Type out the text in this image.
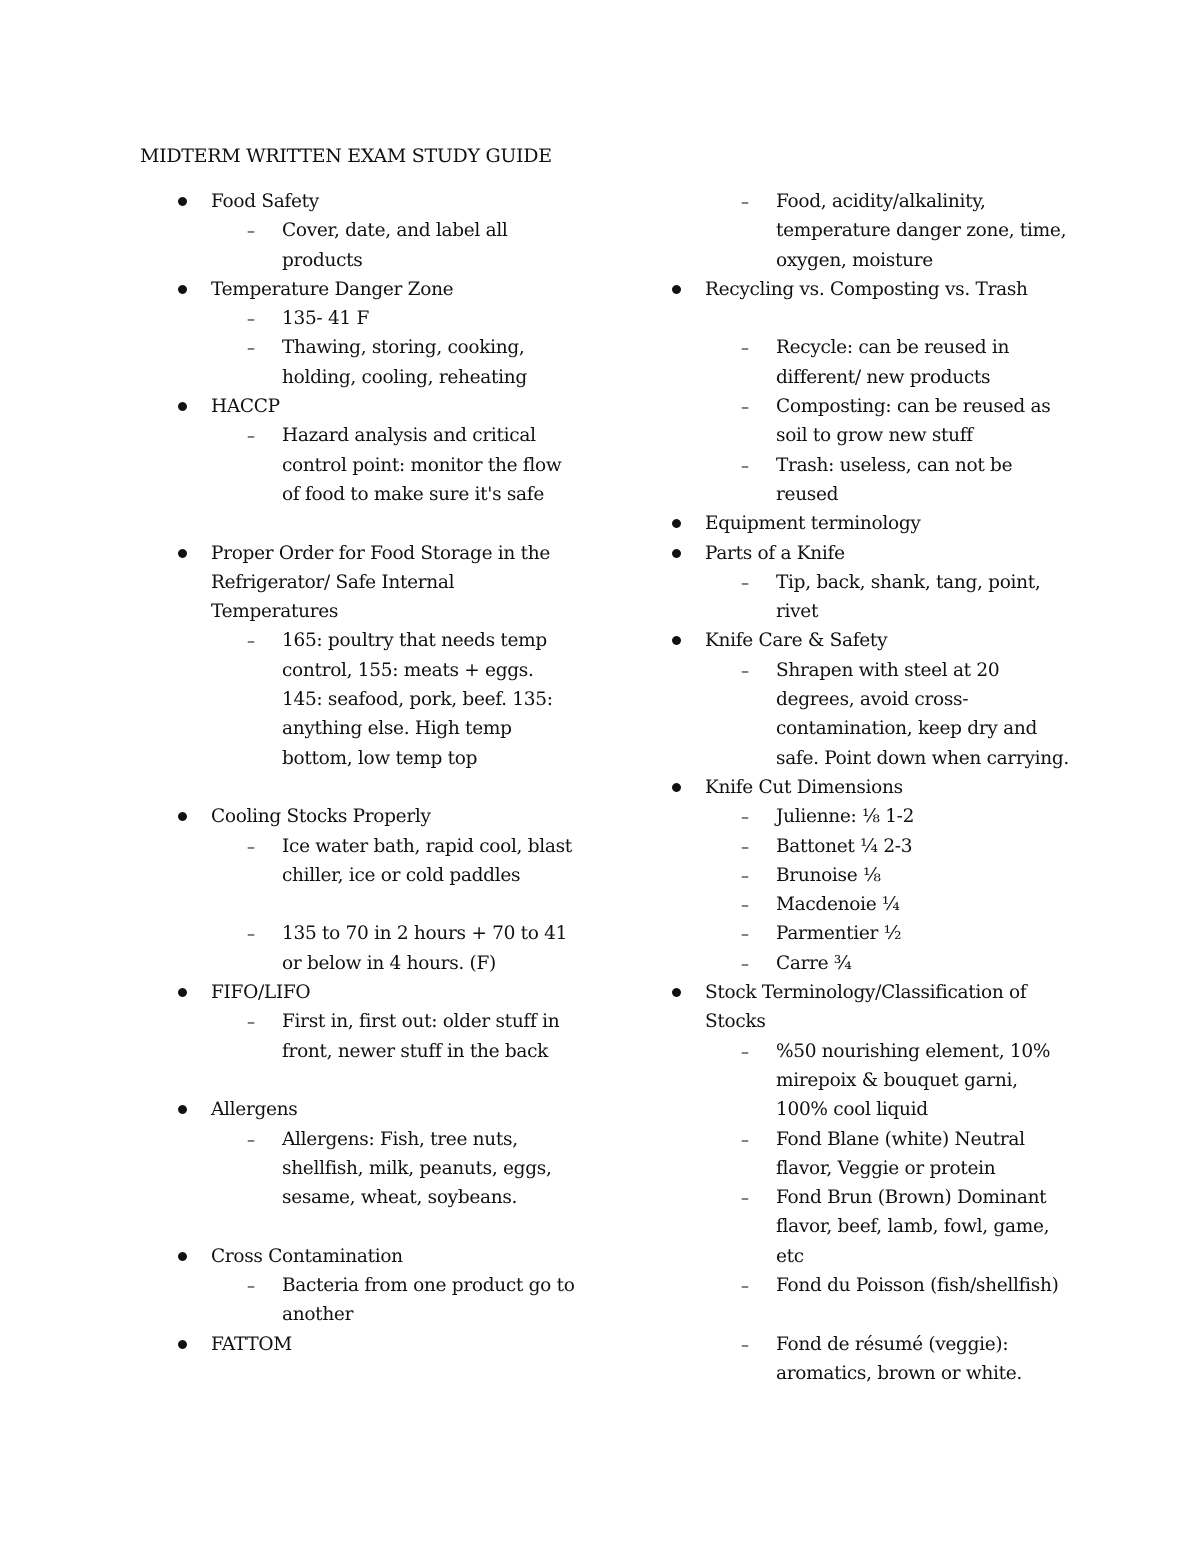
MIDTERM WRITTEN EXAM STUDY GUIDE
Food Safety
– Cover, date, and label all products
Temperature Danger Zone
– 135- 41 F
– Thawing, storing, cooking, holding, cooling, reheating
HACCP
– Hazard analysis and critical control point: monitor the flow of food to make sure it's safe
Proper Order for Food Storage in the Refrigerator/ Safe Internal Temperatures
– 165: poultry that needs temp control, 155: meats + eggs. 145: seafood, pork, beef. 135: anything else. High temp bottom, low temp top
Cooling Stocks Properly
– Ice water bath, rapid cool, blast chiller, ice or cold paddles
– 135 to 70 in 2 hours + 70 to 41 or below in 4 hours. (F)
FIFO/LIFO
– First in, first out: older stuff in front, newer stuff in the back
Allergens
– Allergens: Fish, tree nuts, shellfish, milk, peanuts, eggs, sesame, wheat, soybeans.
Cross Contamination
– Bacteria from one product go to another
FATTOM
– Food, acidity/alkalinity, temperature danger zone, time, oxygen, moisture
Recycling vs. Composting vs. Trash
– Recycle: can be reused in different/ new products
– Composting: can be reused as soil to grow new stuff
– Trash: useless, can not be reused
Equipment terminology
Parts of a Knife
– Tip, back, shank, tang, point, rivet
Knife Care & Safety
– Shrapen with steel at 20 degrees, avoid cross-contamination, keep dry and safe. Point down when carrying.
Knife Cut Dimensions
– Julienne: ⅛ 1-2
– Battonet ¼ 2-3
– Brunoise ⅛
– Macdenoie ¼
– Parmentier ½
– Carre ¾
Stock Terminology/Classification of Stocks
– %50 nourishing element, 10% mirepoix & bouquet garni, 100% cool liquid
– Fond Blane (white) Neutral flavor, Veggie or protein
– Fond Brun (Brown) Dominant flavor, beef, lamb, fowl, game, etc
– Fond du Poisson (fish/shellfish)
– Fond de résumé (veggie): aromatics, brown or white.
